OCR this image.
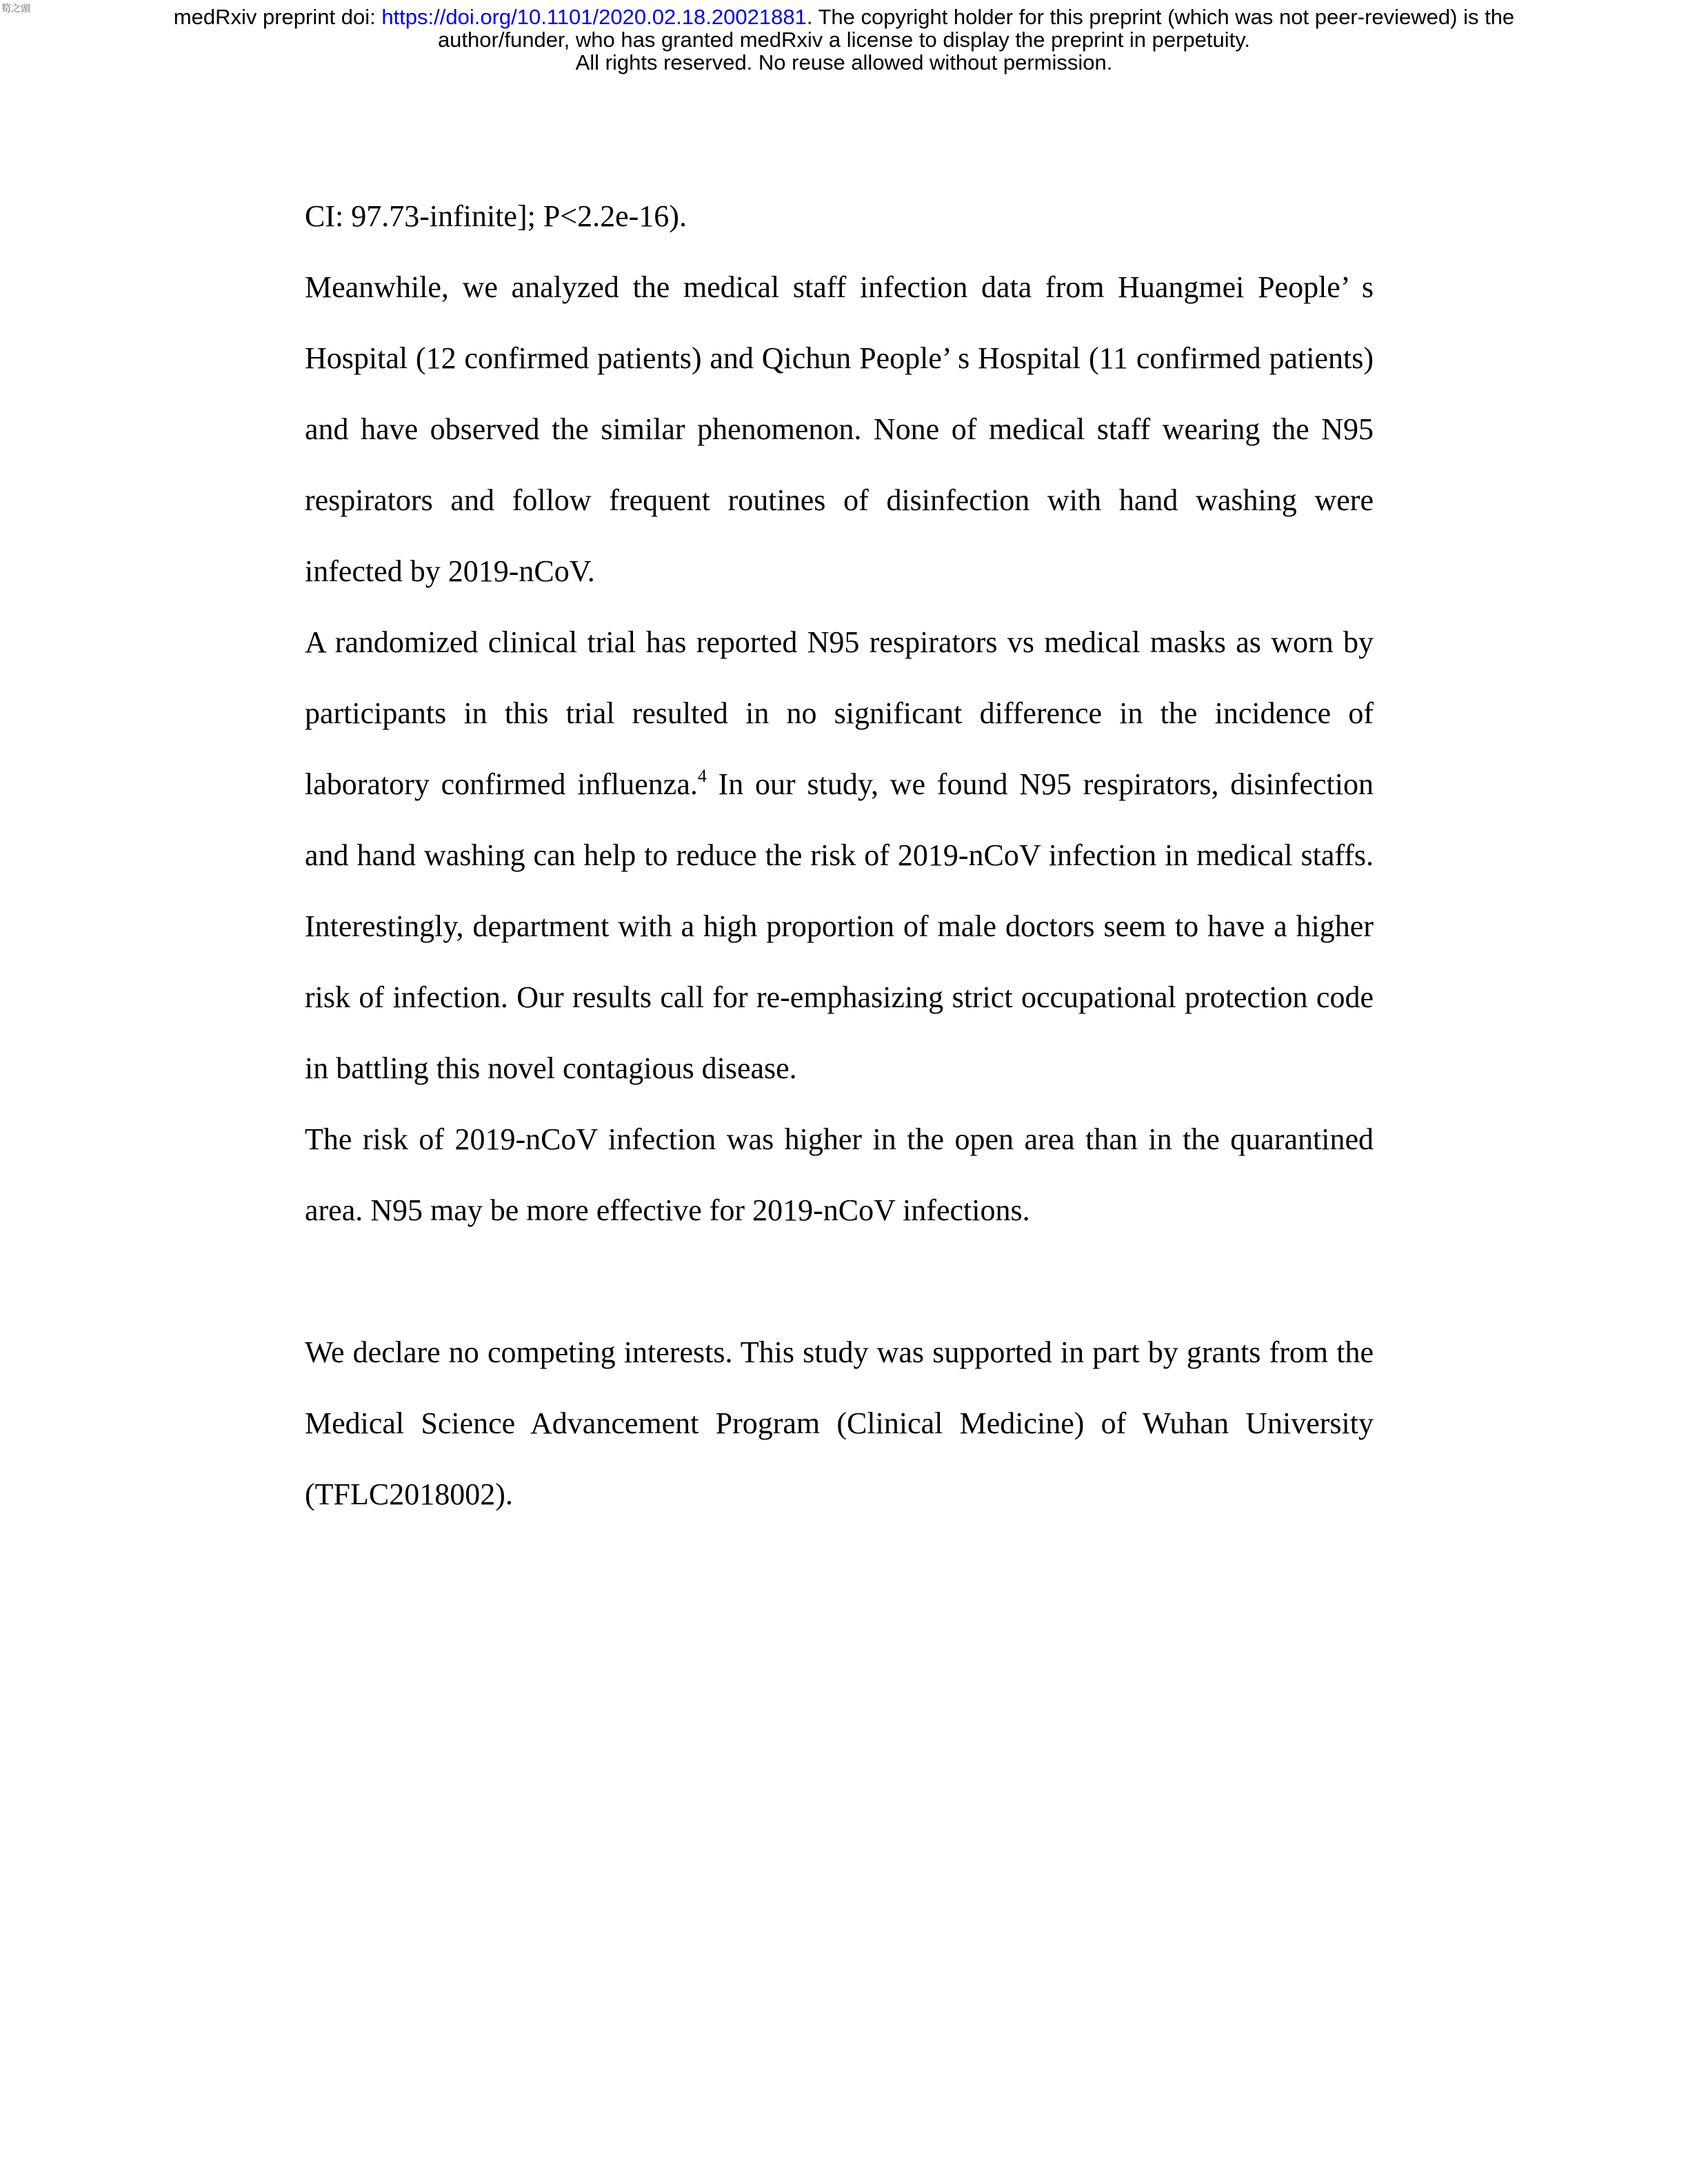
筍之頭	medRxiv preprint doi: https://doi.org/10.1101/2020.02.18.20021881. The copyright holder for this preprint (which was not peer-reviewed) is the
author/funder, who has granted medRxiv a license to display the preprint in perpetuity.
All rights reserved. No reuse allowed without permission.

CI: 97.73-infinite]; P<2.2e-16).

Meanwhile, we analyzed the medical staff infection data from Huangmei People’ s Hospital (12 confirmed patients) and Qichun People’ s Hospital (11 confirmed patients) and have observed the similar phenomenon. None of medical staff wearing the N95 respirators and follow frequent routines of disinfection with hand washing were infected by 2019-nCoV.

A randomized clinical trial has reported N95 respirators vs medical masks as worn by participants in this trial resulted in no significant difference in the incidence of laboratory confirmed influenza.$^4$ In our study, we found N95 respirators, disinfection and hand washing can help to reduce the risk of 2019-nCoV infection in medical staffs. Interestingly, department with a high proportion of male doctors seem to have a higher risk of infection. Our results call for re-emphasizing strict occupational protection code in battling this novel contagious disease.

The risk of 2019-nCoV infection was higher in the open area than in the quarantined area. N95 may be more effective for 2019-nCoV infections.

We declare no competing interests. This study was supported in part by grants from the Medical Science Advancement Program (Clinical Medicine) of Wuhan University (TFLC2018002).
